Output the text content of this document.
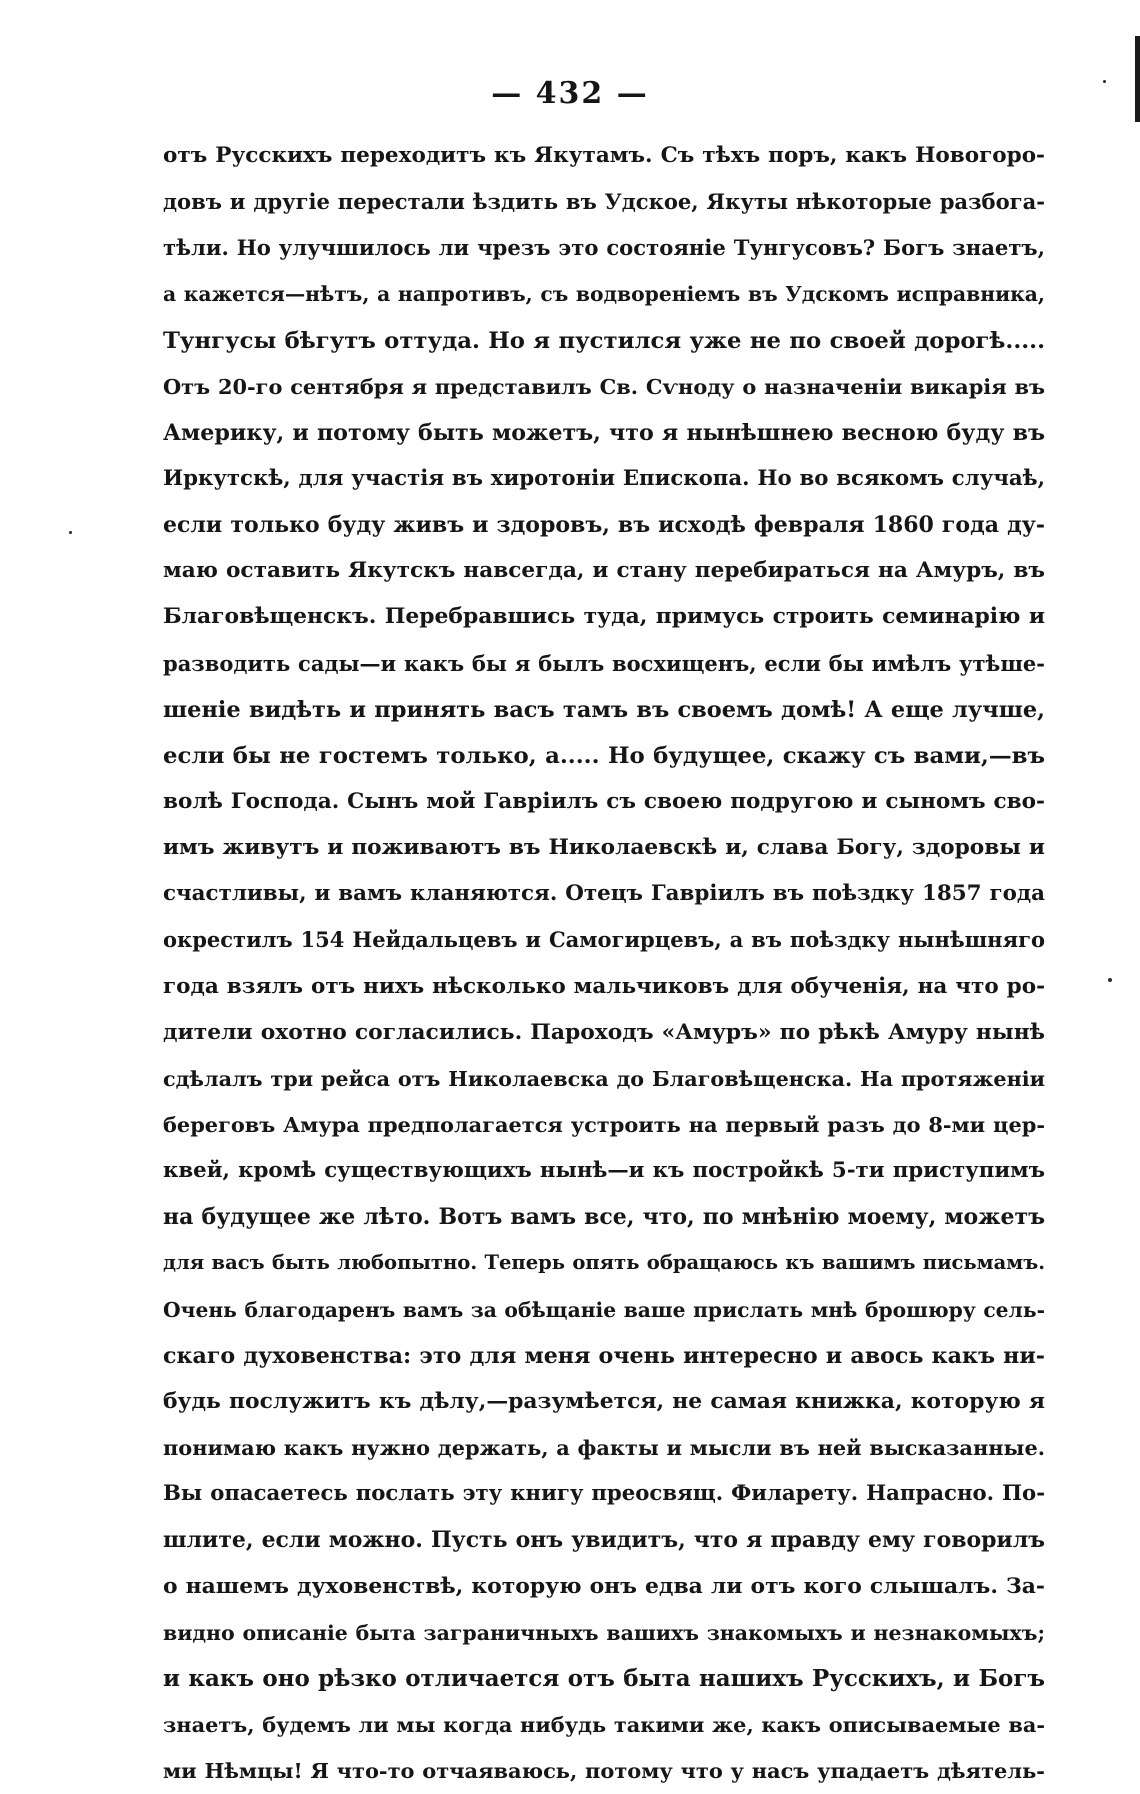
— 432 —
отъ Русскихъ переходитъ къ Якутамъ. Съ тѣхъ поръ, какъ Новогоро-
довъ и другіе перестали ѣздить въ Удское, Якуты нѣкоторые разбога-
тѣли. Но улучшилось ли чрезъ это состояніе Тунгусовъ? Богъ знаетъ,
а кажется—нѣтъ, а напротивъ, съ водвореніемъ въ Удскомъ исправника,
Тунгусы бѣгутъ оттуда. Но я пустился уже не по своей дорогѣ.....
Отъ 20-го сентября я представилъ Св. Сѵноду о назначеніи викарія въ
Америку, и потому быть можетъ, что я нынѣшнею весною буду въ
Иркутскѣ, для участія въ хиротоніи Епископа. Но во всякомъ случаѣ,
если только буду живъ и здоровъ, въ исходѣ февраля 1860 года ду-
маю оставить Якутскъ навсегда, и стану перебираться на Амуръ, въ
Благовѣщенскъ. Перебравшись туда, примусь строить семинарію и
разводить сады—и какъ бы я былъ восхищенъ, если бы имѣлъ утѣше-
шеніе видѣть и принять васъ тамъ въ своемъ домѣ! А еще лучше,
если бы не гостемъ только, а..... Но будущее, скажу съ вами,—въ
волѣ Господа. Сынъ мой Гавріилъ съ своею подругою и сыномъ сво-
имъ живутъ и поживаютъ въ Николаевскѣ и, слава Богу, здоровы и
счастливы, и вамъ кланяются. Отецъ Гавріилъ въ поѣздку 1857 года
окрестилъ 154 Нейдальцевъ и Самогирцевъ, а въ поѣздку нынѣшняго
года взялъ отъ нихъ нѣсколько мальчиковъ для обученія, на что ро-
дители охотно согласились. Пароходъ «Амуръ» по рѣкѣ Амуру нынѣ
сдѣлалъ три рейса отъ Николаевска до Благовѣщенска. На протяженіи
береговъ Амура предполагается устроить на первый разъ до 8-ми цер-
квей, кромѣ существующихъ нынѣ—и къ постройкѣ 5-ти приступимъ
на будущее же лѣто. Вотъ вамъ все, что, по мнѣнію моему, можетъ
для васъ быть любопытно. Теперь опять обращаюсь къ вашимъ письмамъ.
Очень благодаренъ вамъ за обѣщаніе ваше прислать мнѣ брошюру сель-
скаго духовенства: это для меня очень интересно и авось какъ ни-
будь послужитъ къ дѣлу,—разумѣется, не самая книжка, которую я
понимаю какъ нужно держать, а факты и мысли въ ней высказанные.
Вы опасаетесь послать эту книгу преосвящ. Филарету. Напрасно. По-
шлите, если можно. Пусть онъ увидитъ, что я правду ему говорилъ
о нашемъ духовенствѣ, которую онъ едва ли отъ кого слышалъ. За-
видно описаніе быта заграничныхъ вашихъ знакомыхъ и незнакомыхъ;
и какъ оно рѣзко отличается отъ быта нашихъ Русскихъ, и Богъ
знаетъ, будемъ ли мы когда нибудь такими же, какъ описываемые ва-
ми Нѣмцы! Я что-то отчаяваюсь, потому что у насъ упадаетъ дѣятель-
